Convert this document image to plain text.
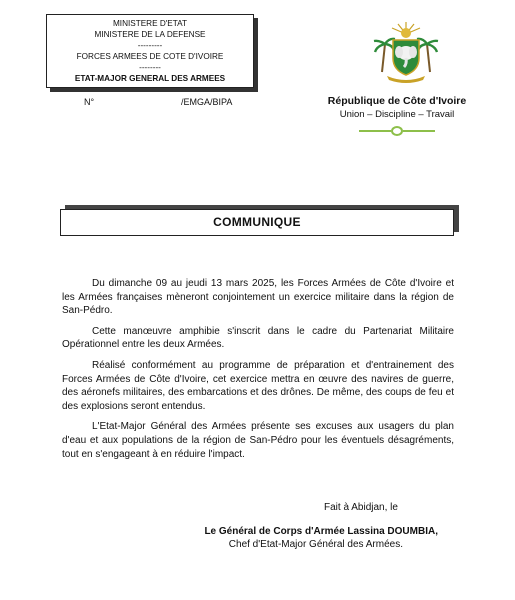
MINISTERE D'ETAT
MINISTERE DE LA DEFENSE
---------
FORCES ARMEES DE COTE D'IVOIRE
--------
ETAT-MAJOR GENERAL DES ARMEES
N°	/EMGA/BIPA	République de Côte d'Ivoire
Union – Discipline – Travail
COMMUNIQUE

Du dimanche 09 au jeudi 13 mars 2025, les Forces Armées de Côte d'Ivoire et les Armées françaises mèneront conjointement un exercice militaire dans la région de San-Pédro.

Cette manœuvre amphibie s'inscrit dans le cadre du Partenariat Militaire Opérationnel entre les deux Armées.

Réalisé conformément au programme de préparation et d'entrainement des Forces Armées de Côte d'Ivoire, cet exercice mettra en œuvre des navires de guerre, des aéronefs militaires, des embarcations et des drônes. De même, des coups de feu et des explosions seront entendus.

L'Etat-Major Général des Armées présente ses excuses aux usagers du plan d'eau et aux populations de la région de San-Pédro pour les éventuels désagréments, tout en s'engageant à en réduire l'impact.

Fait à Abidjan, le
Le Général de Corps d'Armée Lassina DOUMBIA,
Chef d'Etat-Major Général des Armées.
